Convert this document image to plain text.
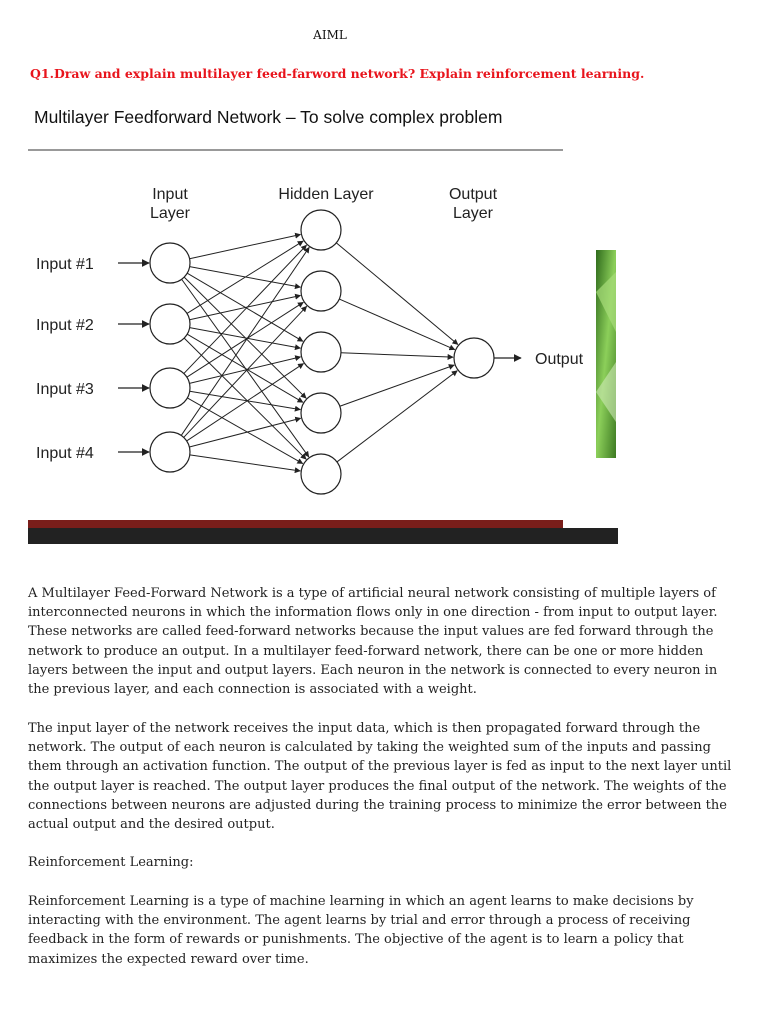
AIML
Q1.Draw and explain multilayer feed-farword network? Explain reinforcement learning.
Multilayer Feedforward Network – To solve complex problem
Input
Layer
Hidden Layer	Output
Layer
Input #1
Input #2
Input #3
Input #4
Output

A Multilayer Feed-Forward Network is a type of artificial neural network consisting of multiple layers of interconnected neurons in which the information flows only in one direction - from input to output layer. These networks are called feed-forward networks because the input values are fed forward through the network to produce an output. In a multilayer feed-forward network, there can be one or more hidden layers between the input and output layers. Each neuron in the network is connected to every neuron in the previous layer, and each connection is associated with a weight.

The input layer of the network receives the input data, which is then propagated forward through the network. The output of each neuron is calculated by taking the weighted sum of the inputs and passing them through an activation function. The output of the previous layer is fed as input to the next layer until the output layer is reached. The output layer produces the final output of the network. The weights of the connections between neurons are adjusted during the training process to minimize the error between the actual output and the desired output.

Reinforcement Learning:

Reinforcement Learning is a type of machine learning in which an agent learns to make decisions by interacting with the environment. The agent learns by trial and error through a process of receiving feedback in the form of rewards or punishments. The objective of the agent is to learn a policy that maximizes the expected reward over time.
